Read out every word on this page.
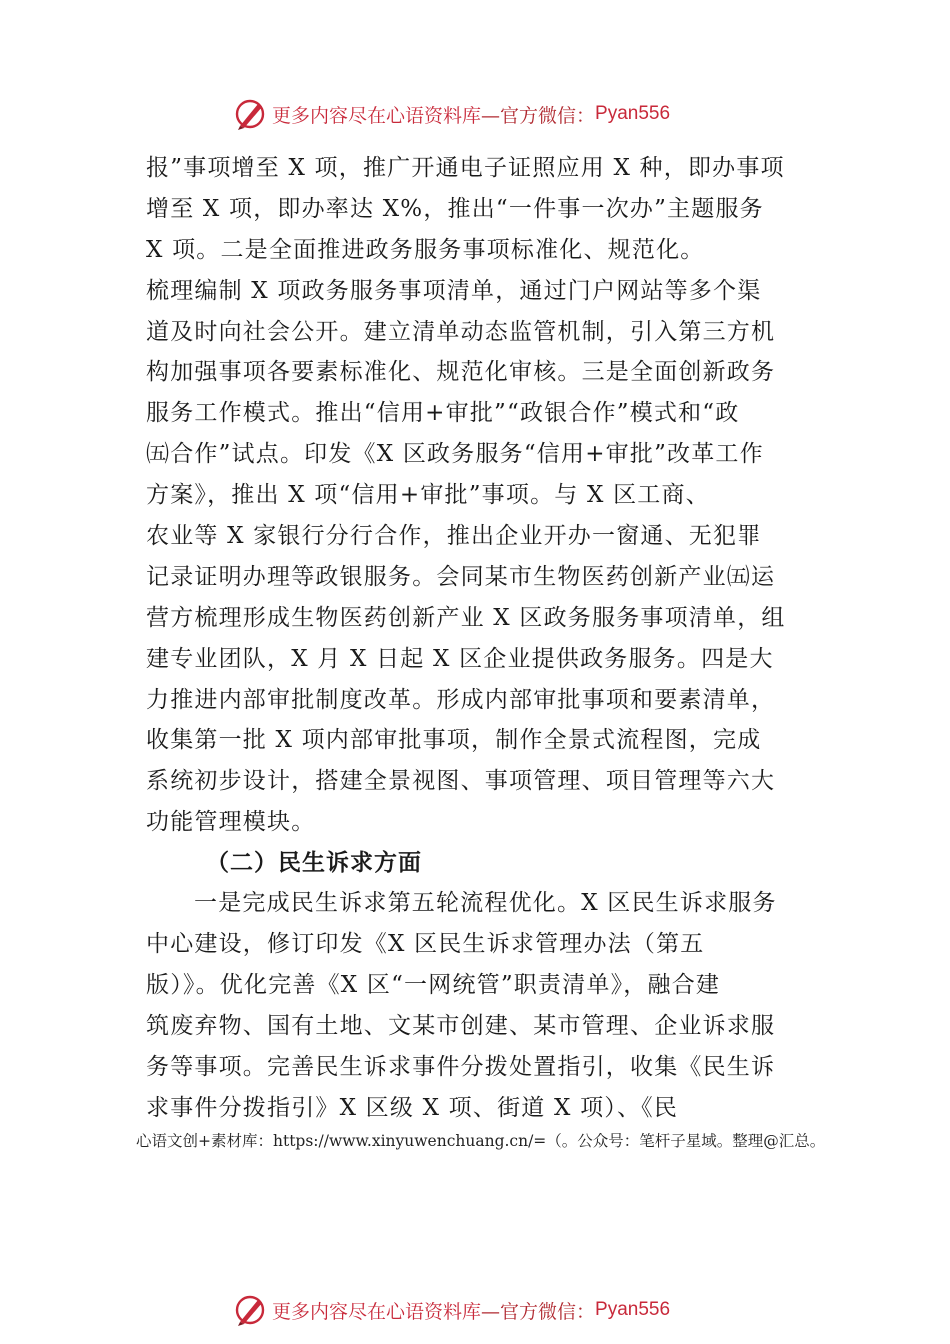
更多内容尽在心语资料库 —官方微信： Pyan556
报”事项增至 X 项，推广开通电子证照应用 X 种，即办事项
增至 X 项，即办率达 X%，推出“一件事一次办”主题服务
X 项。二是全面推进政务服务事项标准化、规范化。
梳理编制 X 项政务服务事项清单，通过门户网站等多个渠
道及时向社会公开。建立清单动态监管机制，引入第三方机
构加强事项各要素标准化、规范化审核。三是全面创新政务
服务工作模式。推出“信用+审批”“政银合作”模式和“政
㈤合作”试点。印发《X 区政务服务“信用+审批”改革工作
方案》，推出 X 项“信用+审批”事项。与 X 区工商、
农业等 X 家银行分行合作，推出企业开办一窗通、无犯罪
记录证明办理等政银服务。会同某市生物医药创新产业㈤运
营方梳理形成生物医药创新产业 X 区政务服务事项清单，组
建专业团队，X 月 X 日起 X 区企业提供政务服务。四是大
力推进内部审批制度改革。形成内部审批事项和要素清单，
收集第一批 X 项内部审批事项，制作全景式流程图，完成
系统初步设计，搭建全景视图、事项管理、项目管理等六大
功能管理模块。
（二）民生诉求方面
一是完成民生诉求第五轮流程优化。X 区民生诉求服务
中心建设，修订印发《X 区民生诉求管理办法（第五
版）》。优化完善《X 区“一网统管”职责清单》，融合建
筑废弃物、国有土地、文某市创建、某市管理、企业诉求服
务等事项。完善民生诉求事件分拨处置指引，收集《民生诉
求事件分拨指引》X 区级 X 项、街道 X 项）、《民
心语文创+素材库：https://www.xinyuwenchuang.cn/=（。公众号：笔杆子星域。整理@汇总。
更多内容尽在心语资料库 —官方微信： Pyan556
